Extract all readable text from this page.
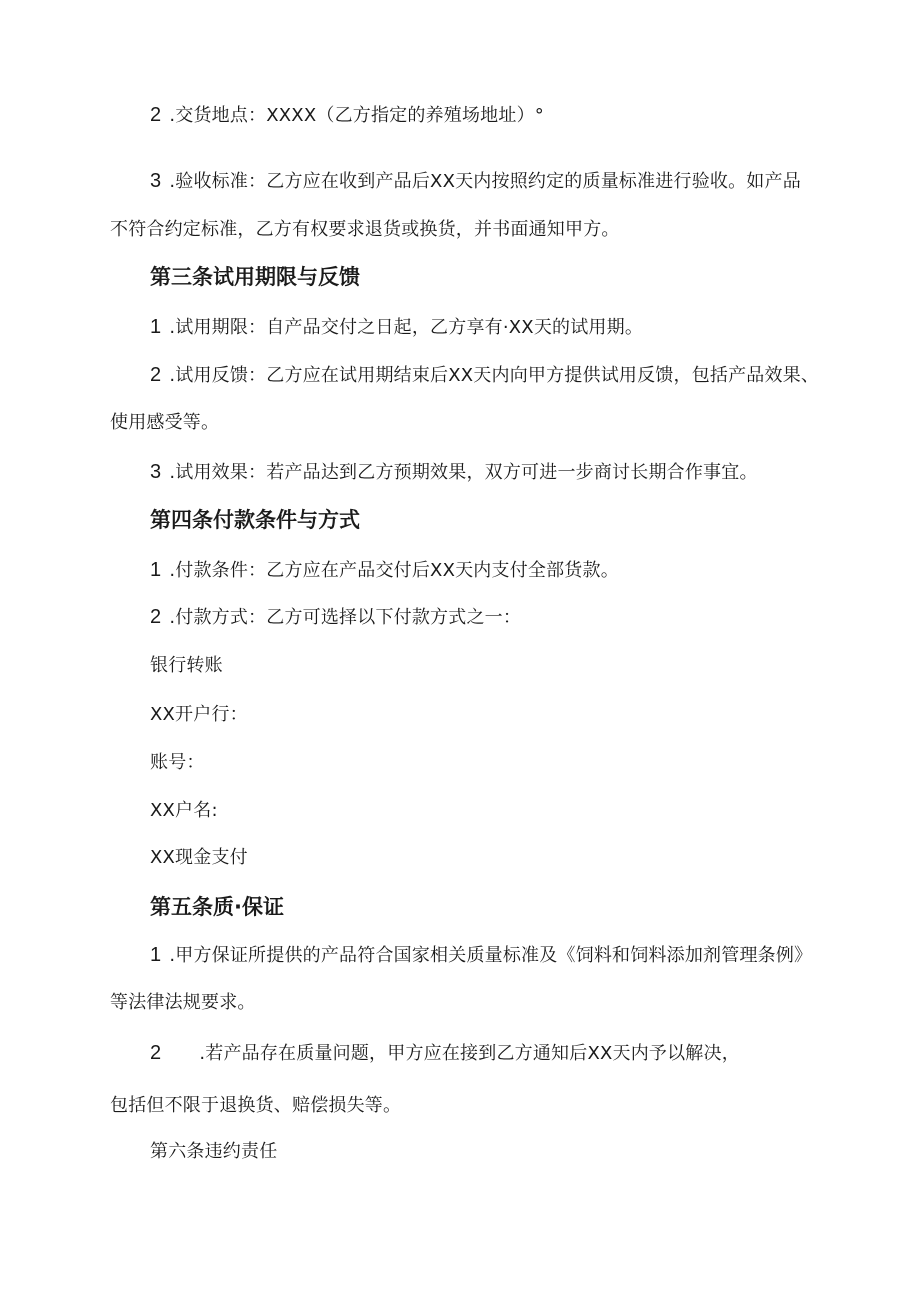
2 .交货地点：XXXX（乙方指定的养殖场地址）°
3 .验收标准：乙方应在收到产品后XX天内按照约定的质量标准进行验收。如产品
不符合约定标准，乙方有权要求退货或换货，并书面通知甲方。
第三条试用期限与反馈
1 .试用期限：自产品交付之日起，乙方享有·XX天的试用期。
2 .试用反馈：乙方应在试用期结束后XX天内向甲方提供试用反馈，包括产品效果、
使用感受等。
3 .试用效果：若产品达到乙方预期效果，双方可进一步商讨长期合作事宜。
第四条付款条件与方式
1 .付款条件：乙方应在产品交付后XX天内支付全部货款。
2 .付款方式：乙方可选择以下付款方式之一：
银行转账
XX开户行：
账号：
XX户名:
XX现金支付
第五条质·保证
1 .甲方保证所提供的产品符合国家相关质量标准及《饲料和饲料添加剂管理条例》
等法律法规要求。
2 .若产品存在质量问题，甲方应在接到乙方通知后XX天内予以解决，
包括但不限于退换货、赔偿损失等。
第六条违约责任
